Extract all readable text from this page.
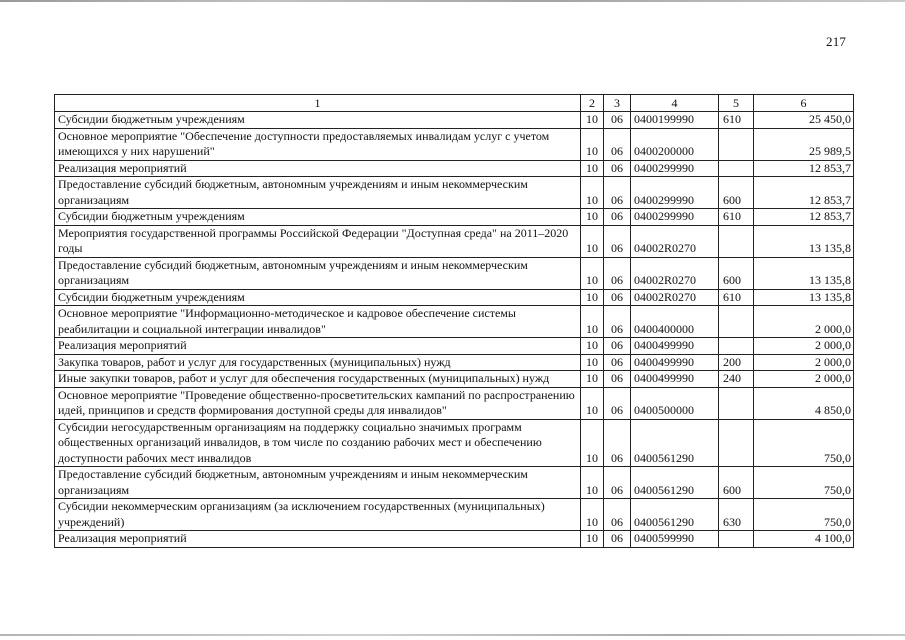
217
1	2	3	4	5	6
Субсидии бюджетным учреждениям	10	06	0400199990	610	25 450,0
Основное мероприятие "Обеспечение доступности предоставляемых инвалидам услуг с учетом имеющихся у них нарушений"	10	06	0400200000		25 989,5
Реализация мероприятий	10	06	0400299990		12 853,7
Предоставление субсидий бюджетным, автономным учреждениям и иным некоммерческим организациям	10	06	0400299990	600	12 853,7
Субсидии бюджетным учреждениям	10	06	0400299990	610	12 853,7
Мероприятия государственной программы Российской Федерации "Доступная среда" на 2011–2020 годы	10	06	04002R0270		13 135,8
Предоставление субсидий бюджетным, автономным учреждениям и иным некоммерческим организациям	10	06	04002R0270	600	13 135,8
Субсидии бюджетным учреждениям	10	06	04002R0270	610	13 135,8
Основное мероприятие "Информационно-методическое и кадровое обеспечение системы реабилитации и социальной интеграции инвалидов"	10	06	0400400000		2 000,0
Реализация мероприятий	10	06	0400499990		2 000,0
Закупка товаров, работ и услуг для государственных (муниципальных) нужд	10	06	0400499990	200	2 000,0
Иные закупки товаров, работ и услуг для обеспечения государственных (муниципальных) нужд	10	06	0400499990	240	2 000,0
Основное мероприятие "Проведение общественно-просветительских кампаний по распространению идей, принципов и средств формирования доступной среды для инвалидов"	10	06	0400500000		4 850,0
Субсидии негосударственным организациям на поддержку социально значимых программ общественных организаций инвалидов, в том числе по созданию рабочих мест и обеспечению доступности рабочих мест инвалидов	10	06	0400561290		750,0
Предоставление субсидий бюджетным, автономным учреждениям и иным некоммерческим организациям	10	06	0400561290	600	750,0
Субсидии некоммерческим организациям (за исключением государственных (муниципальных) учреждений)	10	06	0400561290	630	750,0
Реализация мероприятий	10	06	0400599990		4 100,0
